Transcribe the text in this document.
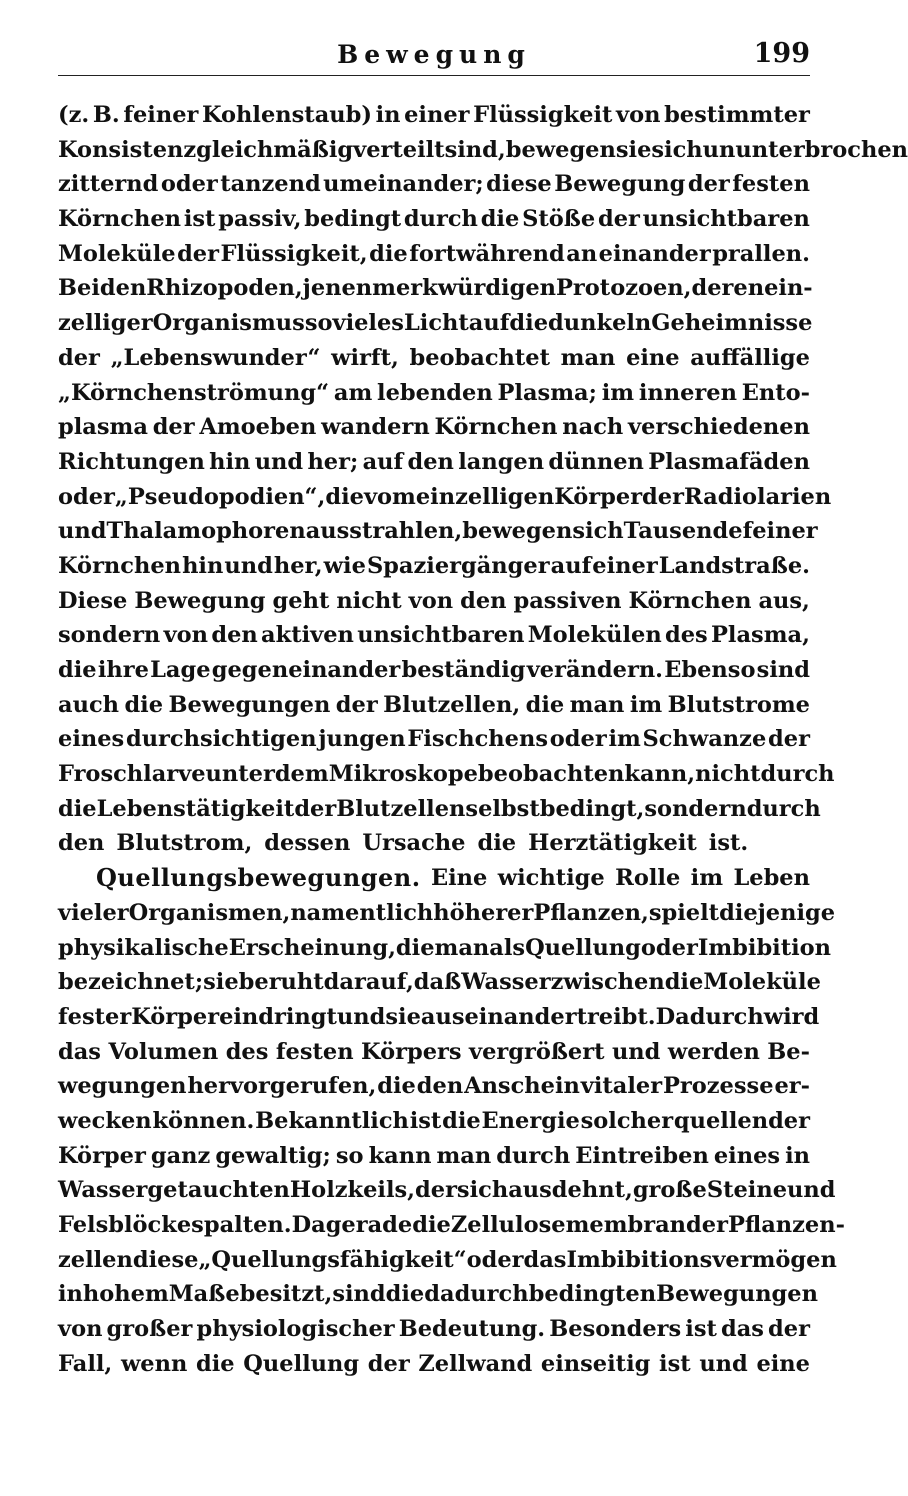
Bewegung	199
(z. B. feiner Kohlenstaub) in einer Flüssigkeit von bestimmter
Konsistenz gleichmäßig verteilt sind, bewegen sie sich ununterbrochen
zitternd oder tanzend umeinander; diese Bewegung der festen
Körnchen ist passiv, bedingt durch die Stöße der unsichtbaren
Moleküle der Flüssigkeit, die fortwährend an einander prallen.
Bei den Rhizopoden, jenen merkwürdigen Protozoen, deren ein-
zelliger Organismus so vieles Licht auf die dunkeln Geheimnisse
der „Lebenswunder“ wirft, beobachtet man eine auffällige
„Körnchenströmung“ am lebenden Plasma; im inneren Ento-
plasma der Amoeben wandern Körnchen nach verschiedenen
Richtungen hin und her; auf den langen dünnen Plasmafäden
oder „Pseudopodien“, die vom einzelligen Körper der Radiolarien
und Thalamophoren ausstrahlen, bewegen sich Tausende feiner
Körnchen hin und her, wie Spaziergänger auf einer Landstraße.
Diese Bewegung geht nicht von den passiven Körnchen aus,
sondern von den aktiven unsichtbaren Molekülen des Plasma,
die ihre Lage gegeneinander beständig verändern. Ebenso sind
auch die Bewegungen der Blutzellen, die man im Blutstrome
eines durchsichtigen jungen Fischchens oder im Schwanze der
Froschlarve unter dem Mikroskope beobachten kann, nicht durch
die Lebenstätigkeit der Blutzellen selbst bedingt, sondern durch
den Blutstrom, dessen Ursache die Herztätigkeit ist.
Quellungsbewegungen. Eine wichtige Rolle im Leben
vieler Organismen, namentlich höherer Pflanzen, spielt diejenige
physikalische Erscheinung, die man als Quellung oder Imbibition
bezeichnet; sie beruht darauf, daß Wasser zwischen die Moleküle
fester Körper eindringt und sie auseinander treibt. Dadurch wird
das Volumen des festen Körpers vergrößert und werden Be-
wegungen hervorgerufen, die den Anschein vitaler Prozesse er-
wecken können. Bekanntlich ist die Energie solcher quellender
Körper ganz gewaltig; so kann man durch Eintreiben eines in
Wasser getauchten Holzkeils, der sich ausdehnt, große Steine und
Felsblöcke spalten. Da gerade die Zellulosemembran der Pflanzen-
zellen diese „Quellungsfähigkeit“ oder das Imbibitionsvermögen
in hohem Maße besitzt, sind die dadurch bedingten Bewegungen
von großer physiologischer Bedeutung. Besonders ist das der
Fall, wenn die Quellung der Zellwand einseitig ist und eine
